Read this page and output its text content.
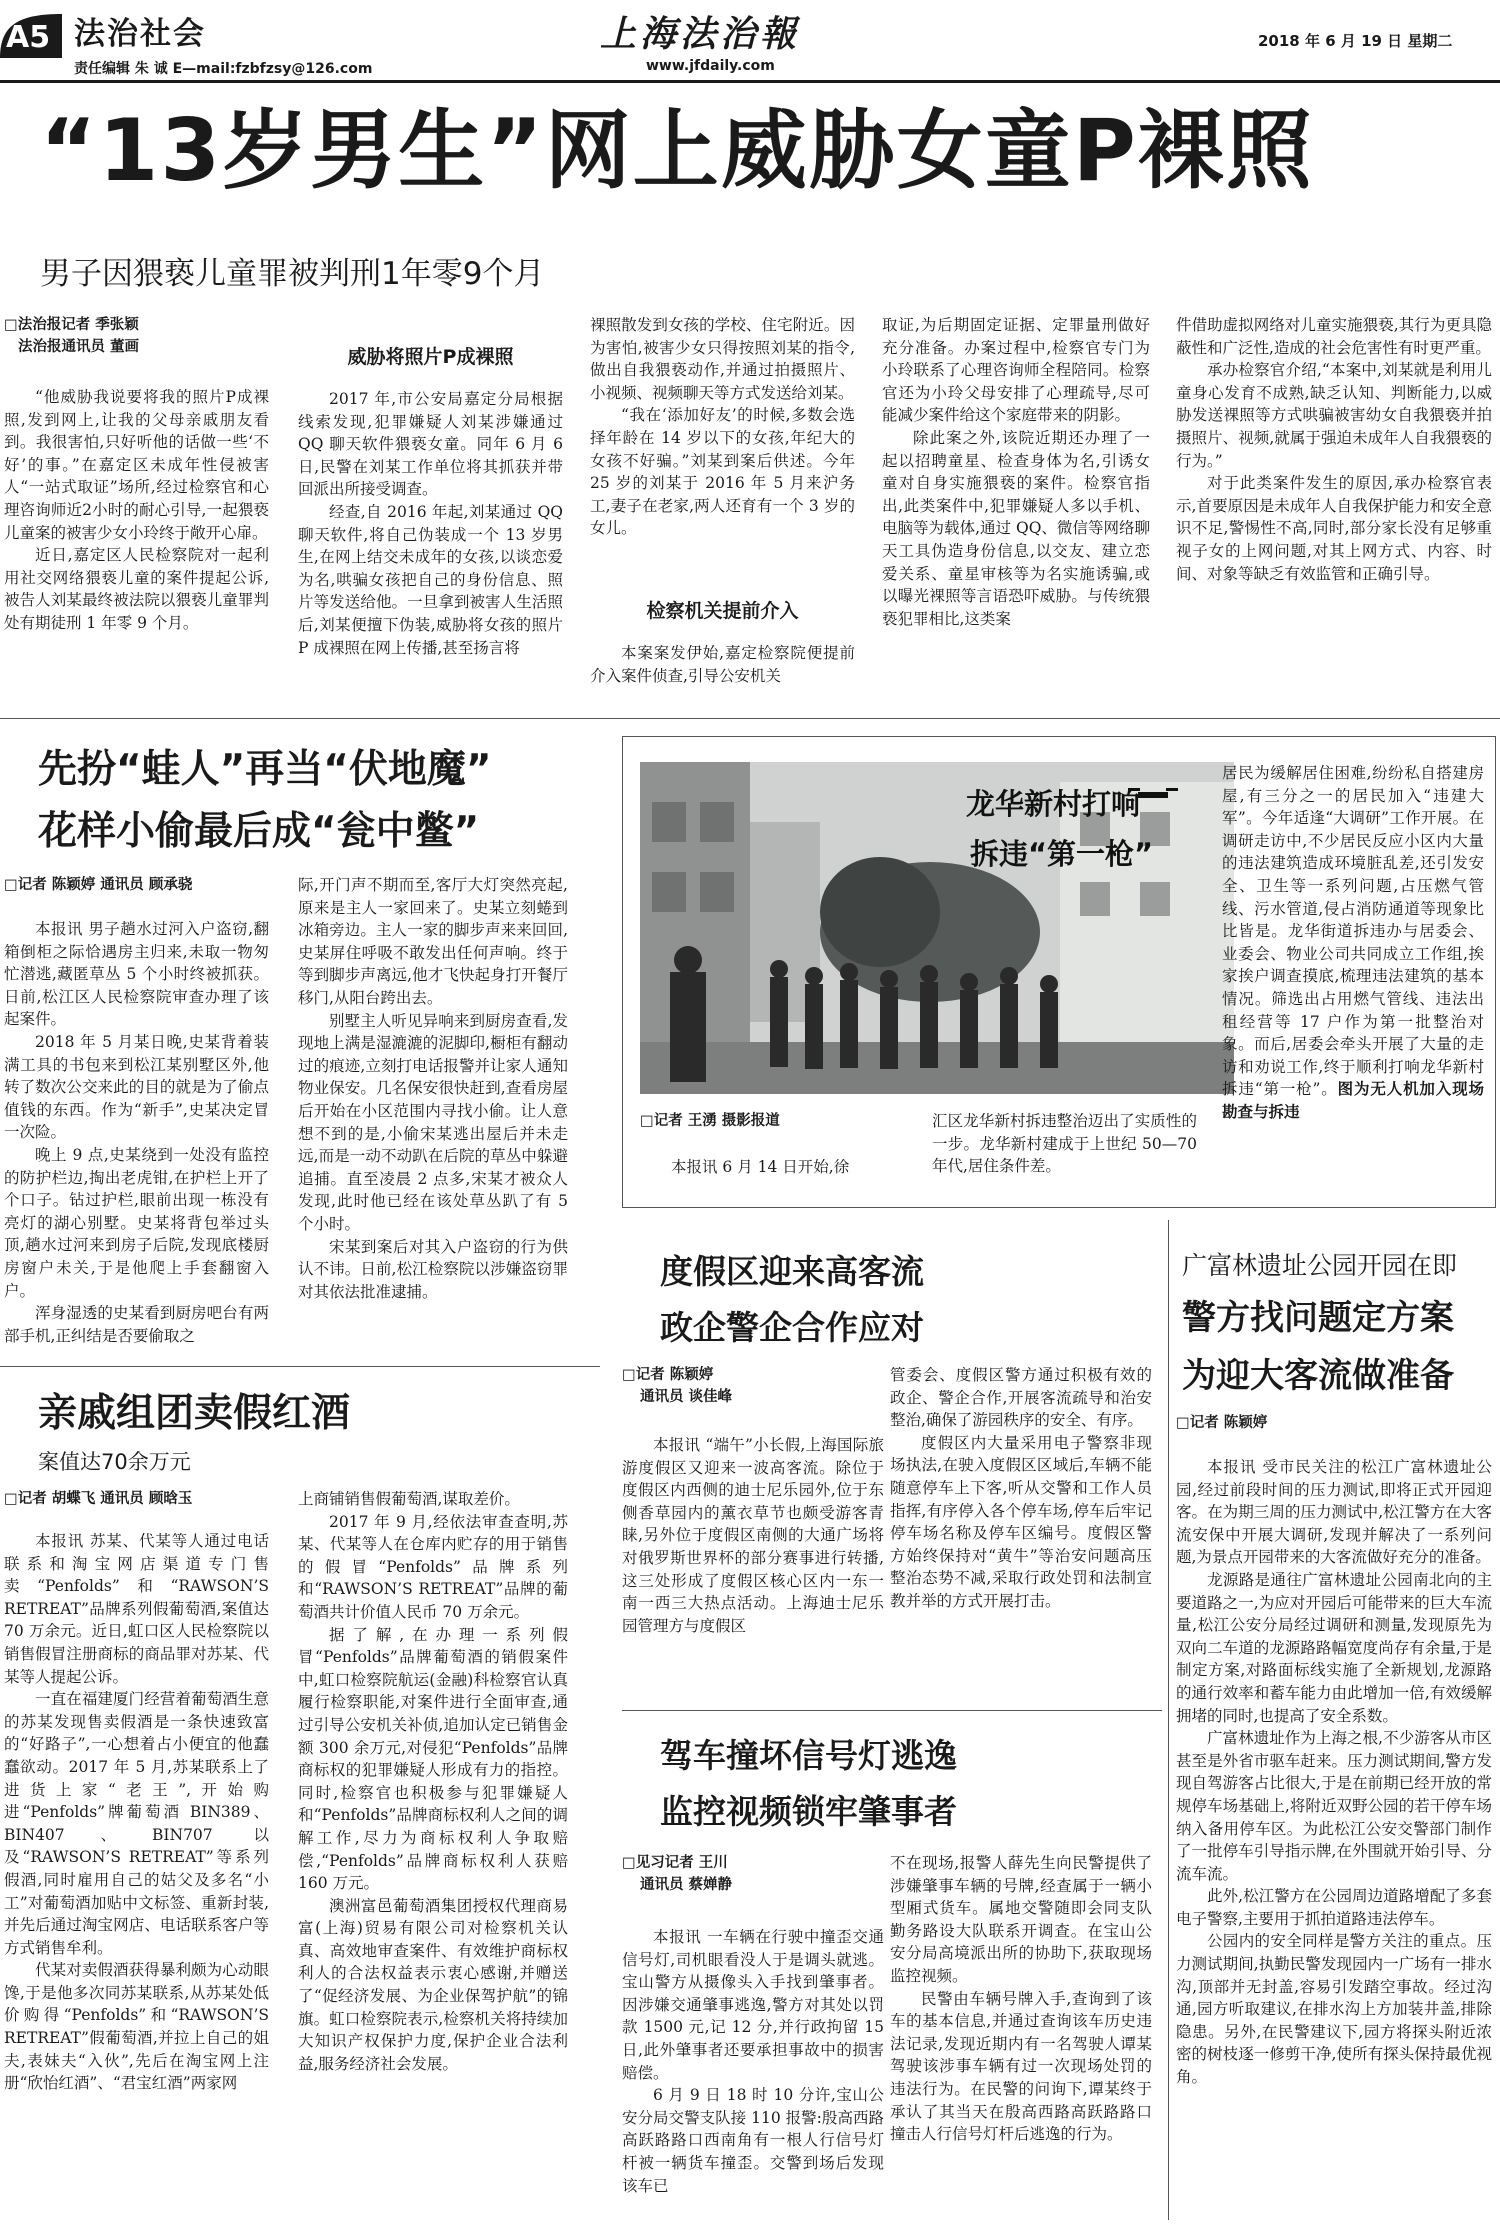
A5 法治社会
责任编辑 朱 诚 E—mail:fzbfzsy@126.com
上海法治報
www.jfdaily.com
2018 年 6 月 19 日 星期二
“13岁男生”网上威胁女童P裸照
男子因猥亵儿童罪被判刑1年零9个月
□法治报记者 季张颖
法治报通讯员 董画

“他威胁我说要将我的照片P成裸照,发到网上,让我的父母亲戚朋友看到。我很害怕,只好听他的话做一些‘不好’的事。”在嘉定区未成年性侵被害人“一站式取证”场所,经过检察官和心理咨询师近2小时的耐心引导,一起猥亵儿童案的被害少女小玲终于敞开心扉。

近日,嘉定区人民检察院对一起利用社交网络猥亵儿童的案件提起公诉,被告人刘某最终被法院以猥亵儿童罪判处有期徒刑 1 年零 9 个月。

威胁将照片P成裸照

2017 年,市公安局嘉定分局根据线索发现,犯罪嫌疑人刘某涉嫌通过 QQ 聊天软件猥亵女童。同年 6 月 6 日,民警在刘某工作单位将其抓获并带回派出所接受调查。

经查,自 2016 年起,刘某通过 QQ 聊天软件,将自己伪装成一个 13 岁男生,在网上结交未成年的女孩,以谈恋爱为名,哄骗女孩把自己的身份信息、照片等发送给他。一旦拿到被害人生活照后,刘某便擅下伪装,威胁将女孩的照片 P 成裸照在网上传播,甚至扬言将

裸照散发到女孩的学校、住宅附近。因为害怕,被害少女只得按照刘某的指令,做出自我猥亵动作,并通过拍摄照片、小视频、视频聊天等方式发送给刘某。

“我在‘添加好友’的时候,多数会选择年龄在 14 岁以下的女孩,年纪大的女孩不好骗。”刘某到案后供述。今年 25 岁的刘某于 2016 年 5 月来沪务工,妻子在老家,两人还育有一个 3 岁的女儿。

检察机关提前介入

本案案发伊始,嘉定检察院便提前介入案件侦查,引导公安机关

取证,为后期固定证据、定罪量刑做好充分准备。办案过程中,检察官专门为小玲联系了心理咨询师全程陪同。检察官还为小玲父母安排了心理疏导,尽可能减少案件给这个家庭带来的阴影。

除此案之外,该院近期还办理了一起以招聘童星、检查身体为名,引诱女童对自身实施猥亵的案件。检察官指出,此类案件中,犯罪嫌疑人多以手机、电脑等为载体,通过 QQ、微信等网络聊天工具伪造身份信息,以交友、建立恋爱关系、童星审核等为名实施诱骗,或以曝光裸照等言语恐吓威胁。与传统猥亵犯罪相比,这类案

件借助虚拟网络对儿童实施猥亵,其行为更具隐蔽性和广泛性,造成的社会危害性有时更严重。

承办检察官介绍,“本案中,刘某就是利用儿童身心发育不成熟,缺乏认知、判断能力,以威胁发送裸照等方式哄骗被害幼女自我猥亵并拍摄照片、视频,就属于强迫未成年人自我猥亵的行为。”

对于此类案件发生的原因,承办检察官表示,首要原因是未成年人自我保护能力和安全意识不足,警惕性不高,同时,部分家长没有足够重视子女的上网问题,对其上网方式、内容、时间、对象等缺乏有效监管和正确引导。

先扮“蛙人”再当“伏地魔”
花样小偷最后成“瓮中鳖”
□记者 陈颖婷 通讯员 顾承骁

本报讯 男子趟水过河入户盗窃,翻箱倒柜之际恰遇房主归来,未取一物匆忙潜逃,藏匿草丛 5 个小时终被抓获。日前,松江区人民检察院审查办理了该起案件。

2018 年 5 月某日晚,史某背着装满工具的书包来到松江某别墅区外,他转了数次公交来此的目的就是为了偷点值钱的东西。作为“新手”,史某决定冒一次险。

晚上 9 点,史某绕到一处没有监控的防护栏边,掏出老虎钳,在护栏上开了个口子。钻过护栏,眼前出现一栋没有亮灯的湖心别墅。史某将背包举过头顶,趟水过河来到房子后院,发现底楼厨房窗户未关,于是他爬上手套翻窗入户。

浑身湿透的史某看到厨房吧台有两部手机,正纠结是否要偷取之

际,开门声不期而至,客厅大灯突然亮起,原来是主人一家回来了。史某立刻蜷到冰箱旁边。主人一家的脚步声来来回回,史某屏住呼吸不敢发出任何声响。终于等到脚步声离远,他才飞快起身打开餐厅移门,从阳台跨出去。

别墅主人听见异响来到厨房查看,发现地上满是湿漉漉的泥脚印,橱柜有翻动过的痕迹,立刻打电话报警并让家人通知物业保安。几名保安很快赶到,查看房屋后开始在小区范围内寻找小偷。让人意想不到的是,小偷宋某逃出屋后并未走远,而是一动不动趴在后院的草丛中躲避追捕。直至凌晨 2 点多,宋某才被众人发现,此时他已经在该处草丛趴了有 5 个小时。

宋某到案后对其入户盗窃的行为供认不讳。日前,松江检察院以涉嫌盗窃罪对其依法批准逮捕。

龙华新村打响
拆违“第一枪”
□记者 王湧 摄影报道

本报讯 6 月 14 日开始,徐

汇区龙华新村拆违整治迈出了实质性的一步。龙华新村建成于上世纪 50—70 年代,居住条件差。

居民为缓解居住困难,纷纷私自搭建房屋,有三分之一的居民加入“违建大军”。今年适逢“大调研”工作开展。在调研走访中,不少居民反应小区内大量的违法建筑造成环境脏乱差,还引发安全、卫生等一系列问题,占压燃气管线、污水管道,侵占消防通道等现象比比皆是。龙华街道拆违办与居委会、业委会、物业公司共同成立工作组,挨家挨户调查摸底,梳理违法建筑的基本情况。筛选出占用燃气管线、违法出租经营等 17 户作为第一批整治对象。而后,居委会牵头开展了大量的走访和劝说工作,终于顺利打响龙华新村拆违“第一枪”。图为无人机加入现场勘查与拆违

度假区迎来高客流
政企警企合作应对
□记者 陈颖婷
通讯员 谈佳峰

本报讯 “端午”小长假,上海国际旅游度假区又迎来一波高客流。除位于度假区内西侧的迪士尼乐园外,位于东侧香草园内的薰衣草节也颇受游客青睐,另外位于度假区南侧的大通广场将对俄罗斯世界杯的部分赛事进行转播,这三处形成了度假区核心区内一东一南一西三大热点活动。上海迪士尼乐园管理方与度假区

管委会、度假区警方通过积极有效的政企、警企合作,开展客流疏导和治安整治,确保了游园秩序的安全、有序。

度假区内大量采用电子警察非现场执法,在驶入度假区区域后,车辆不能随意停车上下客,听从交警和工作人员指挥,有序停入各个停车场,停车后牢记停车场名称及停车区编号。度假区警方始终保持对“黄牛”等治安问题高压整治态势不减,采取行政处罚和法制宣教并举的方式开展打击。

驾车撞坏信号灯逃逸
监控视频锁牢肇事者
□见习记者 王川
通讯员 蔡婵静

本报讯 一车辆在行驶中撞歪交通信号灯,司机眼看没人于是调头就逃。宝山警方从摄像头入手找到肇事者。因涉嫌交通肇事逃逸,警方对其处以罚款 1500 元,记 12 分,并行政拘留 15 日,此外肇事者还要承担事故中的损害赔偿。

6 月 9 日 18 时 10 分许,宝山公安分局交警支队接 110 报警:殷高西路高跃路路口西南角有一根人行信号灯杆被一辆货车撞歪。交警到场后发现该车已

不在现场,报警人薛先生向民警提供了涉嫌肇事车辆的号牌,经查属于一辆小型厢式货车。属地交警随即会同支队勤务路设大队联系开调查。在宝山公安分局高境派出所的协助下,获取现场监控视频。

民警由车辆号牌入手,查询到了该车的基本信息,并通过查询该车历史违法记录,发现近期内有一名驾驶人谭某驾驶该涉事车辆有过一次现场处罚的违法行为。在民警的问询下,谭某终于承认了其当天在殷高西路高跃路路口撞击人行信号灯杆后逃逸的行为。

广富林遗址公园开园在即
警方找问题定方案
为迎大客流做准备
□记者 陈颖婷

本报讯 受市民关注的松江广富林遗址公园,经过前段时间的压力测试,即将正式开园迎客。在为期三周的压力测试中,松江警方在大客流安保中开展大调研,发现并解决了一系列问题,为景点开园带来的大客流做好充分的准备。

龙源路是通往广富林遗址公园南北向的主要道路之一,为应对开园后可能带来的巨大车流量,松江公安分局经过调研和测量,发现原先为双向二车道的龙源路路幅宽度尚存有余量,于是制定方案,对路面标线实施了全新规划,龙源路的通行效率和蓄车能力由此增加一倍,有效缓解拥堵的同时,也提高了安全系数。

广富林遗址作为上海之根,不少游客从市区甚至是外省市驱车赶来。压力测试期间,警方发现自驾游客占比很大,于是在前期已经开放的常规停车场基础上,将附近双野公园的若干停车场纳入备用停车区。为此松江公安交警部门制作了一批停车引导指示牌,在外围就开始引导、分流车流。

此外,松江警方在公园周边道路增配了多套电子警察,主要用于抓拍道路违法停车。

公园内的安全同样是警方关注的重点。压力测试期间,执勤民警发现园内一广场有一排水沟,顶部并无封盖,容易引发踏空事故。经过沟通,园方听取建议,在排水沟上方加装井盖,排除隐患。另外,在民警建议下,园方将探头附近浓密的树枝逐一修剪干净,使所有探头保持最优视角。

亲戚组团卖假红酒
案值达70余万元
□记者 胡蝶飞 通讯员 顾晗玉

本报讯 苏某、代某等人通过电话联系和淘宝网店渠道专门售卖“Penfolds”和“RAWSON’S RETREAT”品牌系列假葡萄酒,案值达 70 万余元。近日,虹口区人民检察院以销售假冒注册商标的商品罪对苏某、代某等人提起公诉。

一直在福建厦门经营着葡萄酒生意的苏某发现售卖假酒是一条快速致富的“好路子”,一心想着占小便宜的他蠢蠢欲动。2017 年 5 月,苏某联系上了进货上家“老王”,开始购进“Penfolds”牌葡萄酒 BIN389、BIN407、BIN707 以及“RAWSON’S RETREAT”等系列假酒,同时雇用自己的姑父及多名“小工”对葡萄酒加贴中文标签、重新封装,并先后通过淘宝网店、电话联系客户等方式销售牟利。

代某对卖假酒获得暴利颇为心动眼馋,于是他多次同苏某联系,从苏某处低价购得“Penfolds”和“RAWSON’S RETREAT”假葡萄酒,并拉上自己的姐夫,表妹夫“入伙”,先后在淘宝网上注册“欣怡红酒”、“君宝红酒”两家网

上商铺销售假葡萄酒,谋取差价。

2017 年 9 月,经依法审查查明,苏某、代某等人在仓库内贮存的用于销售的假冒“Penfolds”品牌系列和“RAWSON’S RETREAT”品牌的葡萄酒共计价值人民币 70 万余元。

据了解,在办理一系列假冒“Penfolds”品牌葡萄酒的销假案件中,虹口检察院航运(金融)科检察官认真履行检察职能,对案件进行全面审查,通过引导公安机关补侦,追加认定已销售金额 300 余万元,对侵犯“Penfolds”品牌商标权的犯罪嫌疑人形成有力的指控。同时,检察官也积极参与犯罪嫌疑人和“Penfolds”品牌商标权利人之间的调解工作,尽力为商标权利人争取赔偿,“Penfolds”品牌商标权利人获赔 160 万元。

澳洲富邑葡萄酒集团授权代理商易富(上海)贸易有限公司对检察机关认真、高效地审查案件、有效维护商标权利人的合法权益表示衷心感谢,并赠送了“促经济发展、为企业保驾护航”的锦旗。虹口检察院表示,检察机关将持续加大知识产权保护力度,保护企业合法利益,服务经济社会发展。
